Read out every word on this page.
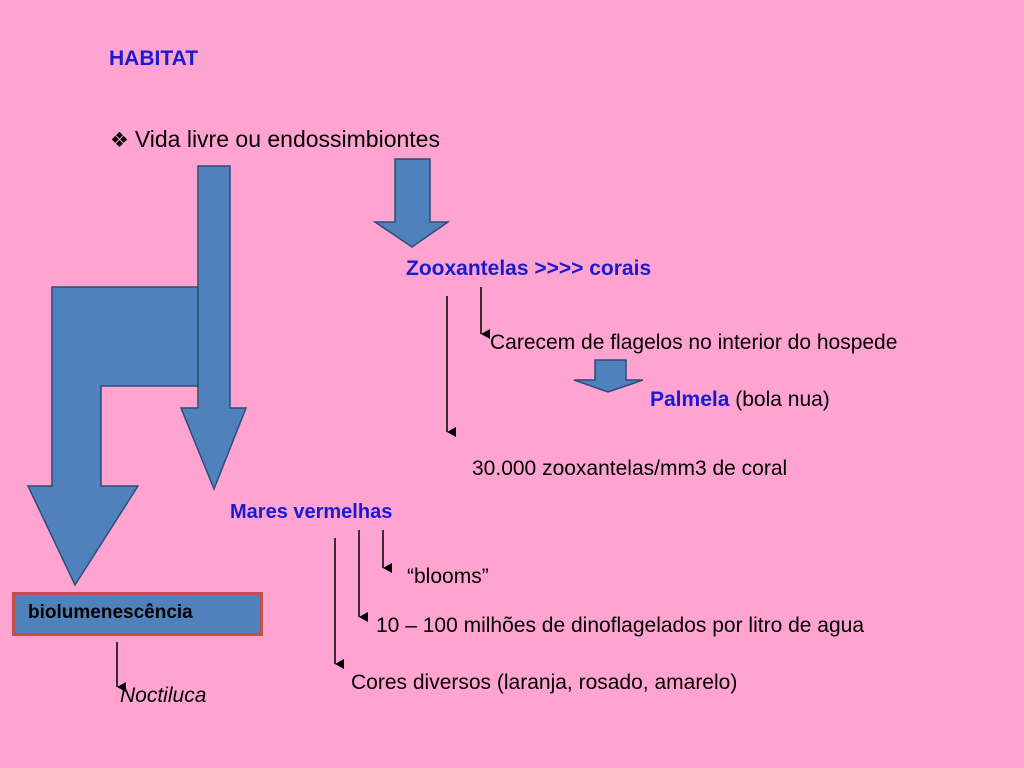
HABITAT
❖ Vida livre ou endossimbiontes
Zooxantelas >>>> corais
Carecem de flagelos no interior do hospede
Palmela (bola nua)
30.000 zooxantelas/mm3 de coral
Mares vermelhas
“blooms”
10 – 100 milhões de dinoflagelados por litro de agua
Cores diversos (laranja, rosado, amarelo)
biolumenescência
Noctiluca
